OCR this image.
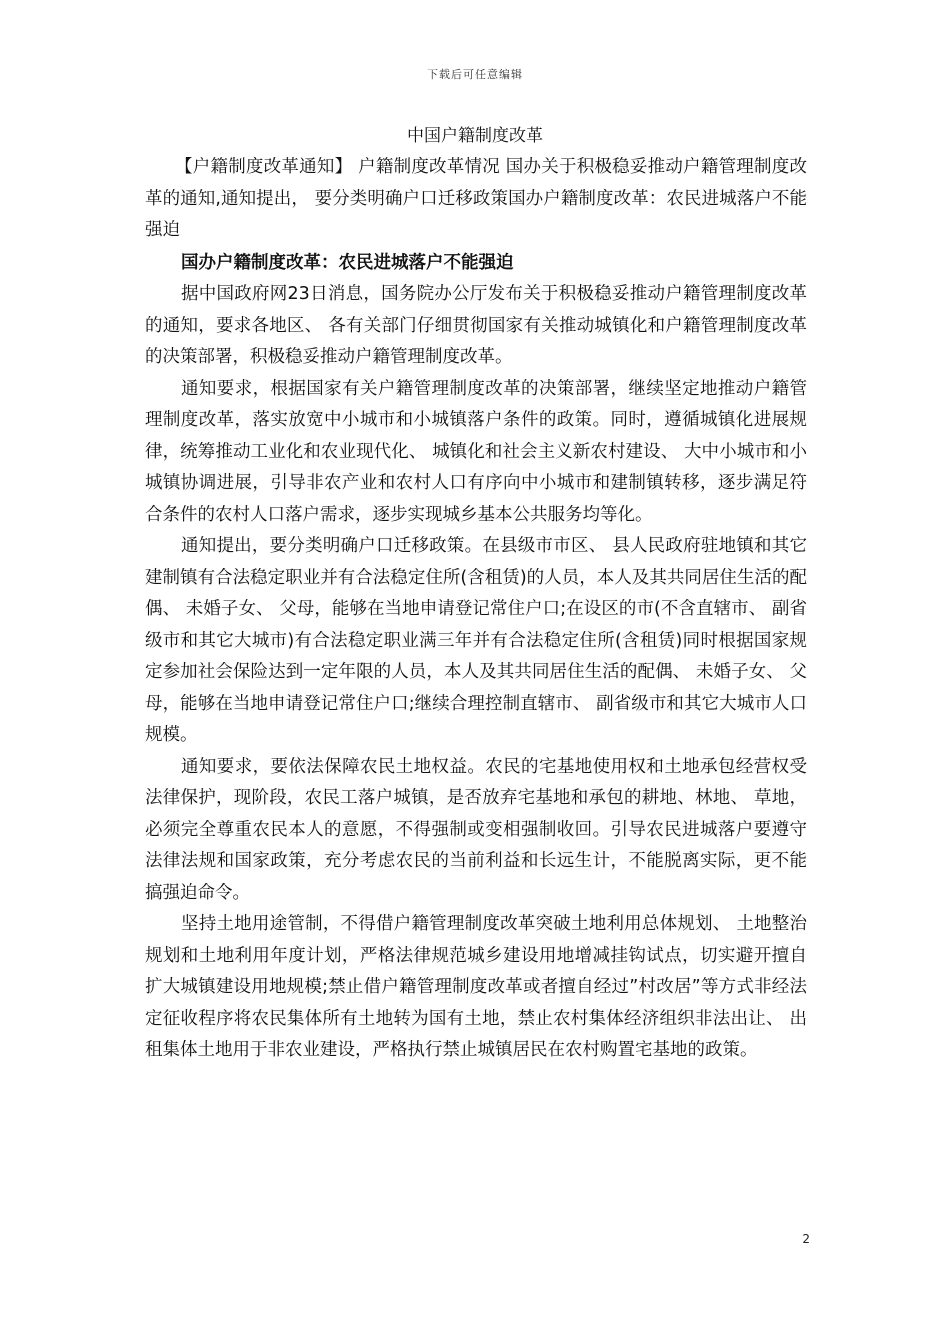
下载后可任意编辑
中国户籍制度改革

【户籍制度改革通知】 户籍制度改革情况 国办关于积极稳妥推动户籍管理制度改革的通知,通知提出， 要分类明确户口迁移政策国办户籍制度改革：农民进城落户不能强迫

国办户籍制度改革：农民进城落户不能强迫

据中国政府网23日消息，国务院办公厅发布关于积极稳妥推动户籍管理制度改革的通知，要求各地区、 各有关部门仔细贯彻国家有关推动城镇化和户籍管理制度改革的决策部署，积极稳妥推动户籍管理制度改革。

通知要求，根据国家有关户籍管理制度改革的决策部署，继续坚定地推动户籍管理制度改革，落实放宽中小城市和小城镇落户条件的政策。同时，遵循城镇化进展规律，统筹推动工业化和农业现代化、 城镇化和社会主义新农村建设、 大中小城市和小城镇协调进展，引导非农产业和农村人口有序向中小城市和建制镇转移，逐步满足符合条件的农村人口落户需求，逐步实现城乡基本公共服务均等化。

通知提出，要分类明确户口迁移政策。在县级市市区、 县人民政府驻地镇和其它建制镇有合法稳定职业并有合法稳定住所(含租赁)的人员，本人及其共同居住生活的配偶、 未婚子女、 父母，能够在当地申请登记常住户口;在设区的市(不含直辖市、 副省级市和其它大城市)有合法稳定职业满三年并有合法稳定住所(含租赁)同时根据国家规定参加社会保险达到一定年限的人员，本人及其共同居住生活的配偶、 未婚子女、 父母，能够在当地申请登记常住户口;继续合理控制直辖市、 副省级市和其它大城市人口规模。

通知要求，要依法保障农民土地权益。农民的宅基地使用权和土地承包经营权受法律保护，现阶段，农民工落户城镇，是否放弃宅基地和承包的耕地、林地、 草地，必须完全尊重农民本人的意愿，不得强制或变相强制收回。引导农民进城落户要遵守法律法规和国家政策，充分考虑农民的当前利益和长远生计，不能脱离实际，更不能搞强迫命令。

坚持土地用途管制，不得借户籍管理制度改革突破土地利用总体规划、 土地整治规划和土地利用年度计划，严格法律规范城乡建设用地增减挂钩试点，切实避开擅自扩大城镇建设用地规模;禁止借户籍管理制度改革或者擅自经过”村改居”等方式非经法定征收程序将农民集体所有土地转为国有土地，禁止农村集体经济组织非法出让、 出租集体土地用于非农业建设，严格执行禁止城镇居民在农村购置宅基地的政策。

2
